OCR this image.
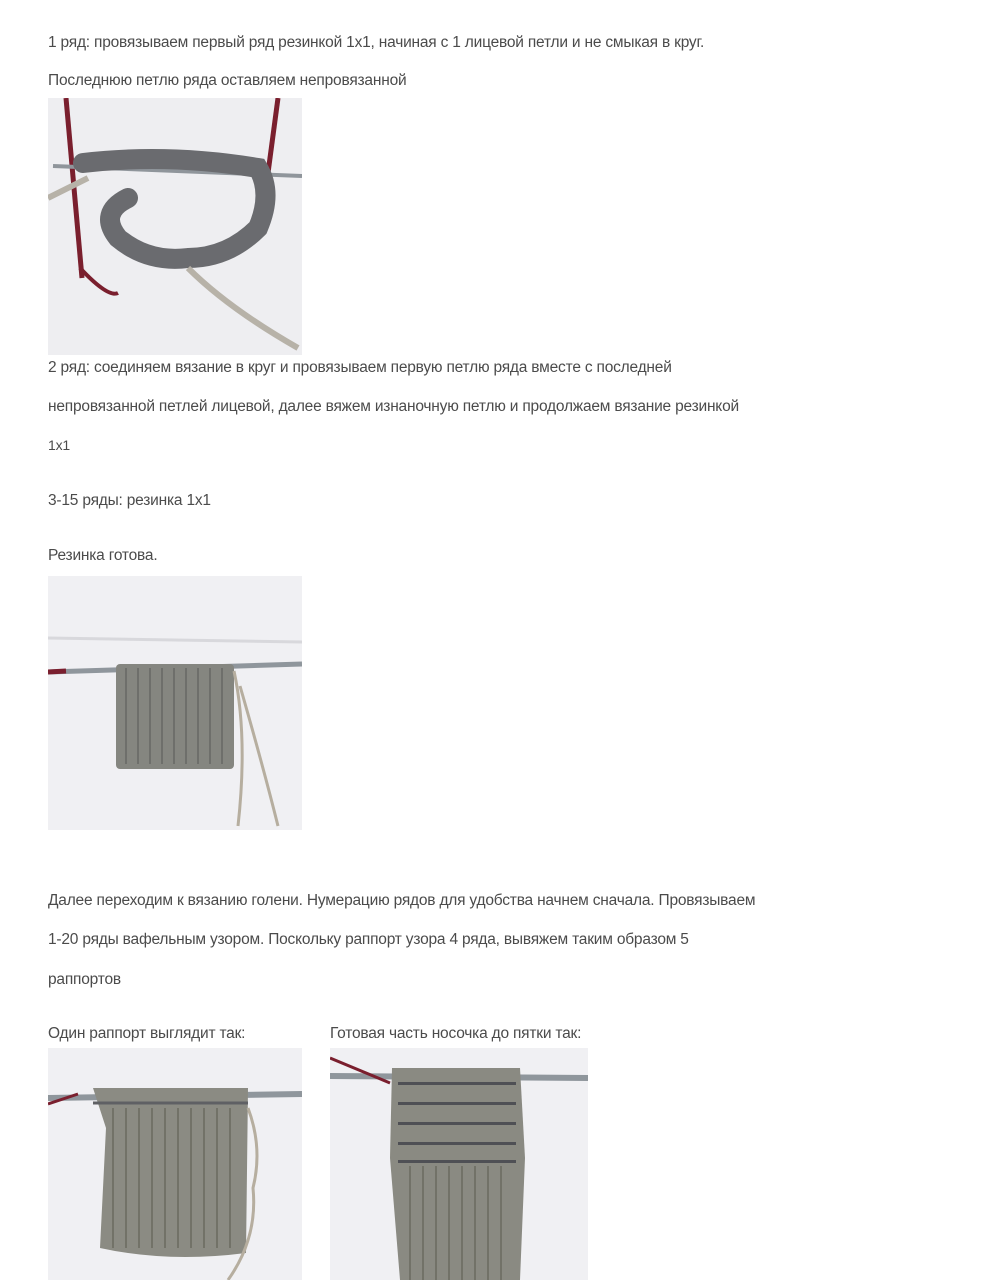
1 ряд: провязываем первый ряд резинкой 1х1, начиная с 1 лицевой петли и не смыкая в круг.
Последнюю петлю ряда оставляем непровязанной
2 ряд: соединяем вязание в круг и провязываем первую петлю ряда вместе с последней
непровязанной петлей лицевой, далее вяжем изнаночную петлю и продолжаем вязание резинкой
1х1
3-15 ряды: резинка 1х1
Резинка готова.
Далее переходим к вязанию голени. Нумерацию рядов для удобства начнем сначала. Провязываем
1-20 ряды вафельным узором. Поскольку раппорт узора 4 ряда, вывяжем таким образом 5
раппортов
Один раппорт выглядит так:	Готовая часть носочка до пятки так:
